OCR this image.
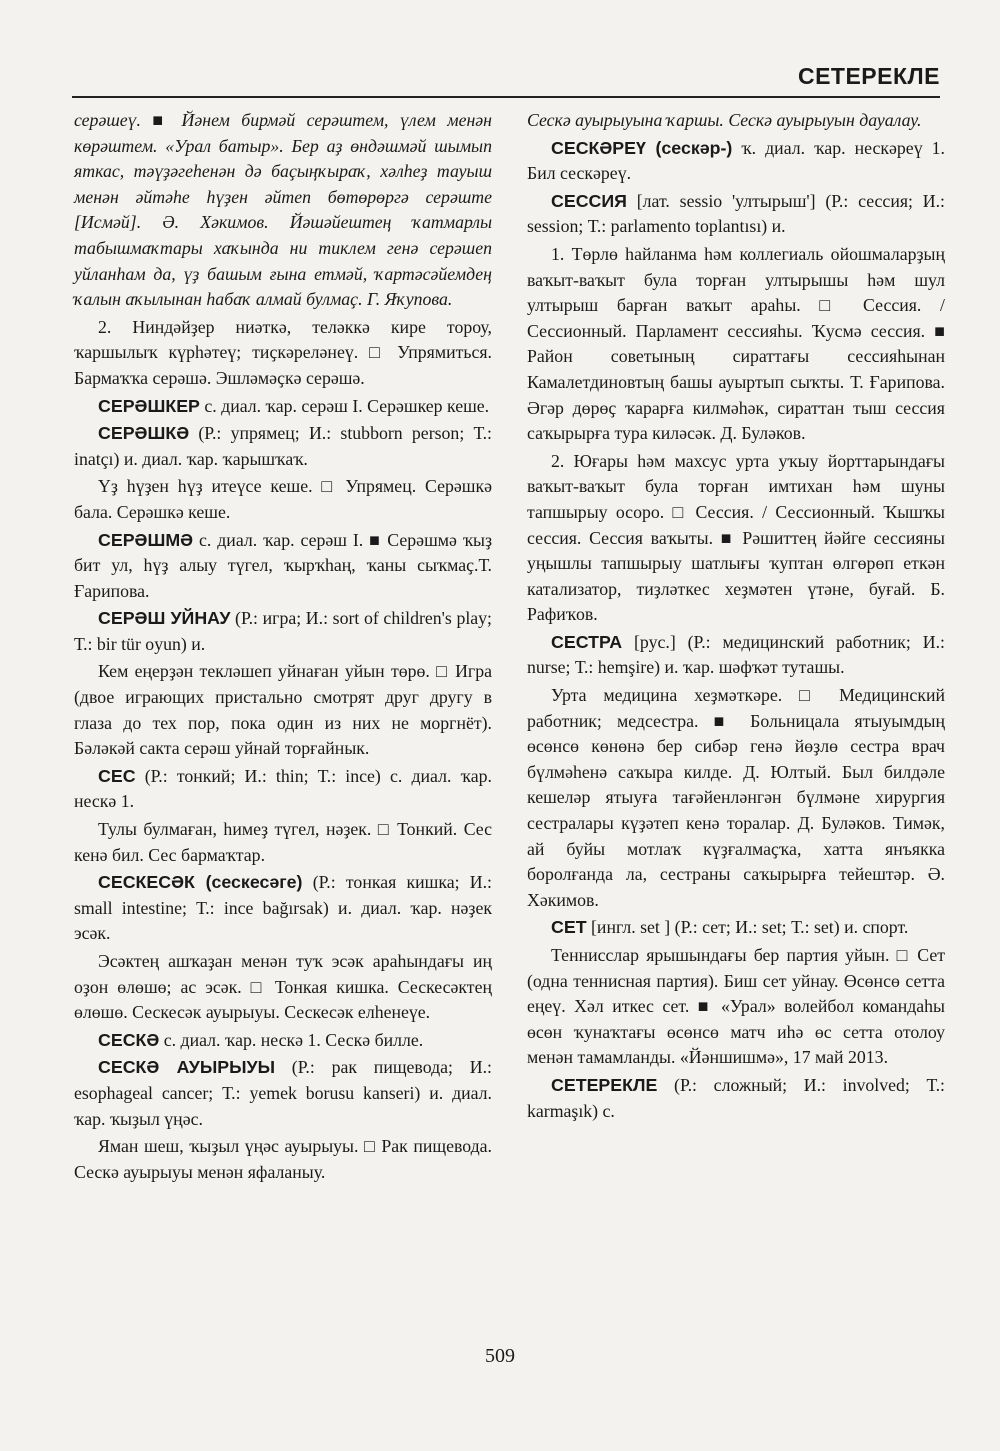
СЕТЕРЕКЛЕ

серәшеү. ■ Йәнем бирмәй серәштем, үлем менән көрәштем. «Урал батыр». Бер аҙ өндәшмәй шымып яткас, тәүҙәгеһенән дә баҫыңҡыраҡ, хәлһеҙ тауыш менән әйтәһе һүҙен әйтеп бөтөрөргә серәште [Исмәй]. Ә. Хәкимов. Йәшәйештең ҡатмарлы табышмаҡтары хаҡында ни тиклем генә серәшеп уйланһам да, үҙ башым ғына етмәй, ҡартәсәйемдең ҡалын аҡылынан һабаҡ алмай булмаҫ. Г. Яҡупова.

2. Ниндәйҙер ниәткә, теләккә кире тороу, ҡаршылыҡ күрһәтеү; тиҫкәреләнеү. □ Упрямиться. Бармаҡҡа серәшә. Эшләмәҫкә серәшә.

СЕРӘШКЕР с. диал. ҡар. серәш I. Серәшкер кеше.

СЕРӘШКӘ (Р.: упрямец; И.: stubborn person; Т.: inatçı) и. диал. ҡар. ҡарышҡаҡ.

Үҙ һүҙен һүҙ итеүсе кеше. □ Упрямец. Серәшкә бала. Серәшкә кеше.

СЕРӘШМӘ с. диал. ҡар. серәш I. ■ Серәшмә ҡыҙ бит ул, һүҙ алыу түгел, ҡырҡһаң, ҡаны сыҡмаҫ.Т. Ғарипова.

СЕРӘШ УЙНАУ (Р.: игра; И.: sort of children's play; Т.: bir tür oyun) и.

Кем еңерҙән текләшеп уйнаған уйын төрө. □ Игра (двое играющих пристально смотрят друг другу в глаза до тех пор, пока один из них не моргнёт). Бәләкәй сакта серәш уйнай торғайнык.

СЕС (Р.: тонкий; И.: thin; Т.: ince) с. диал. ҡар. нескә 1.

Тулы булмаған, һимеҙ түгел, нәҙек. □ Тонкий. Сес кенә бил. Сес бармаҡтар.

СЕСКЕСӘК (сескесәге) (Р.: тонкая кишка; И.: small intestine; Т.: ince bağırsak) и. диал. ҡар. нәҙек эсәк.

Эсәктең ашҡаҙан менән туҡ эсәк араһындағы иң оҙон өлөшө; ас эсәк. □ Тонкая кишка. Сескесәктең өлөшө. Сескесәк ауырыуы. Сескесәк елһенеүе.

СЕСКӘ с. диал. ҡар. нескә 1. Сескә билле.

СЕСКӘ АУЫРЫУЫ (Р.: рак пищевода; И.: esophageal cancer; Т.: yemek borusu kanseri) и. диал. ҡар. ҡыҙыл үңәс.

Яман шеш, ҡыҙыл үңәс ауырыуы. □ Рак пищевода. Сескә ауырыуы менән яфаланыу.

Сескә ауырыуына ҡаршы. Сескә ауырыуын дауалау.

СЕСКӘРЕҮ (сескәр-) ҡ. диал. ҡар. нескәреү 1. Бил сескәреү.

СЕССИЯ [лат. sessio 'ултырыш'] (Р.: сессия; И.: session; Т.: parlamento toplantısı) и.

1. Төрлө һайланма һәм коллегиаль ойошмаларҙың ваҡыт-ваҡыт була торған ултырышы һәм шул ултырыш барған ваҡыт араһы. □ Сессия. / Сессионный. Парламент сессияһы. Ҡусмә сессия. ■ Район советының сираттағы сессияһынан Камалетдиновтың башы ауыртып сыҡты. Т. Ғарипова. Әгәр дөрөҫ ҡарарға килмәһәк, сираттан тыш сессия саҡырырға тура киләсәк. Д. Буләков.

2. Юғары һәм махсус урта уҡыу йорттарындағы ваҡыт-ваҡыт була торған имтихан һәм шуны тапшырыу осоро. □ Сессия. / Сессионный. Ҡышҡы сессия. Сессия ваҡыты. ■ Рәшиттең йәйге сессияны уңышлы тапшырыу шатлығы ҡуптан өлгөрөп еткән катализатор, тиҙләткес хеҙмәтен үтәне, буғай. Б. Рафиҡов.

СЕСТРА [рус.] (Р.: медицинский работник; И.: nurse; Т.: hemşire) и. ҡар. шәфҡәт туташы.

Урта медицина хеҙмәткәре. □ Медицинский работник; медсестра. ■ Больницала ятыуымдың өсөнсө көнөнә бер сибәр генә йөҙлө сестра врач бүлмәһенә саҡыра килде. Д. Юлтый. Был билдәле кешеләр ятыуға тағәйенләнгән бүлмәне хирургия сестралары күҙәтеп кенә торалар. Д. Буләков. Тимәк, ай буйы мотлаҡ күҙғалмаҫҡа, хатта янъякка боролғанда ла, сестраны саҡырырға тейештәр. Ә. Хәкимов.

СЕТ [ингл. set ] (Р.: сет; И.: set; Т.: set) и. спорт.

Теннисслар ярышындағы бер партия уйын. □ Сет (одна теннисная партия). Биш сет уйнау. Өсөнсө сетта еңеү. Хәл иткес сет. ■ «Урал» волейбол командаһы өсөн ҡунаҡтағы өсөнсө матч иһә өс сетта отолоу менән тамамланды. «Йәншишмә», 17 май 2013.

СЕТЕРЕКЛЕ (Р.: сложный; И.: involved; Т.: karmaşık) с.

509
